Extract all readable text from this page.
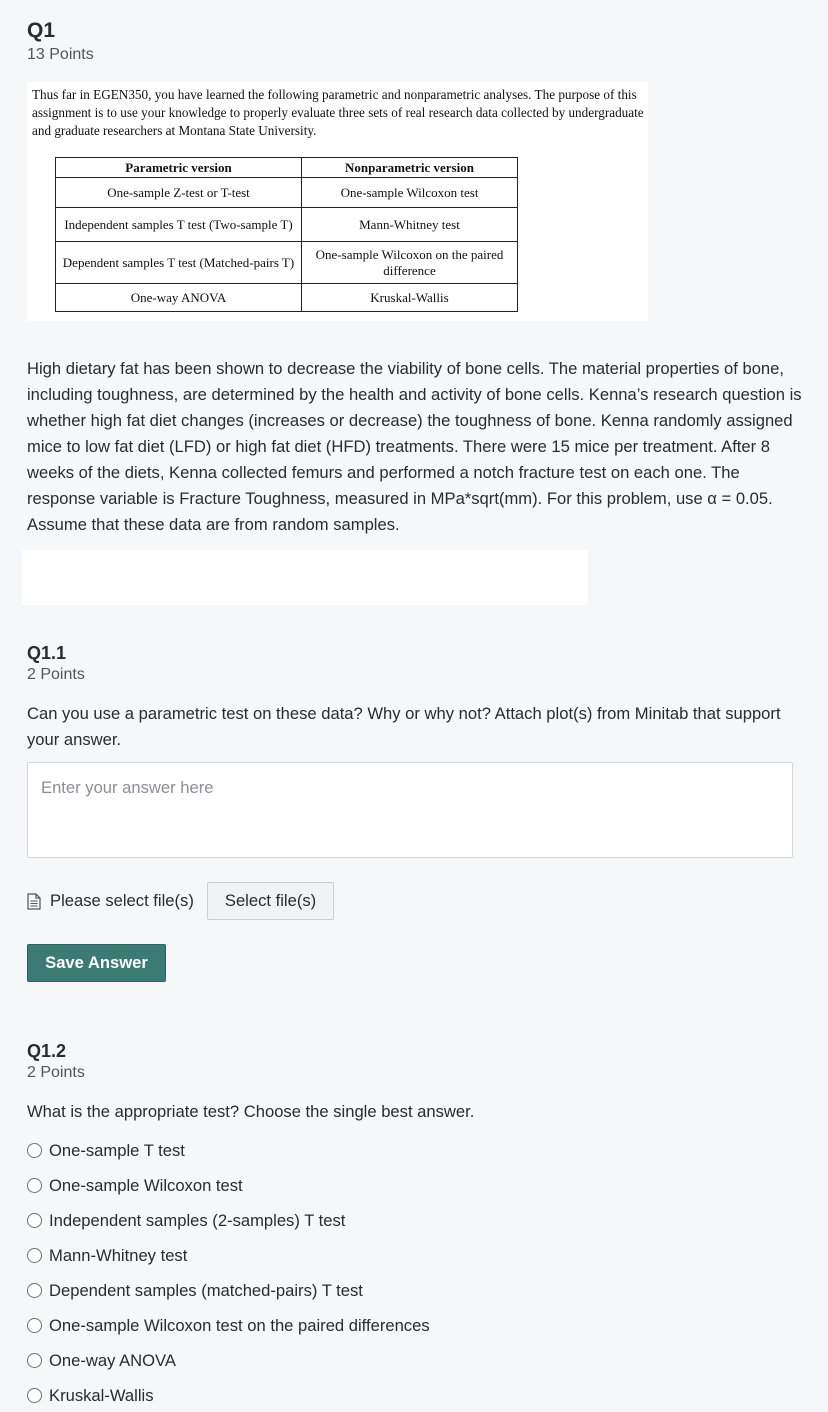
Q1
13 Points
Thus far in EGEN350, you have learned the following parametric and nonparametric analyses. The purpose of this assignment is to use your knowledge to properly evaluate three sets of real research data collected by undergraduate and graduate researchers at Montana State University.
Parametric version	Nonparametric version
One-sample Z-test or T-test	One-sample Wilcoxon test
Independent samples T test (Two-sample T)	Mann-Whitney test
Dependent samples T test (Matched-pairs T)	One-sample Wilcoxon on the paired difference
One-way ANOVA	Kruskal-Wallis
High dietary fat has been shown to decrease the viability of bone cells. The material properties of bone, including toughness, are determined by the health and activity of bone cells. Kenna’s research question is whether high fat diet changes (increases or decrease) the toughness of bone. Kenna randomly assigned mice to low fat diet (LFD) or high fat diet (HFD) treatments. There were 15 mice per treatment. After 8 weeks of the diets, Kenna collected femurs and performed a notch fracture test on each one. The response variable is Fracture Toughness, measured in MPa*sqrt(mm). For this problem, use α = 0.05. Assume that these data are from random samples.
Q1.1
2 Points
Can you use a parametric test on these data? Why or why not? Attach plot(s) from Minitab that support your answer.
Enter your answer here
Please select file(s)	Select file(s)
Save Answer
Q1.2
2 Points
What is the appropriate test? Choose the single best answer.
One-sample T test
One-sample Wilcoxon test
Independent samples (2-samples) T test
Mann-Whitney test
Dependent samples (matched-pairs) T test
One-sample Wilcoxon test on the paired differences
One-way ANOVA
Kruskal-Wallis
